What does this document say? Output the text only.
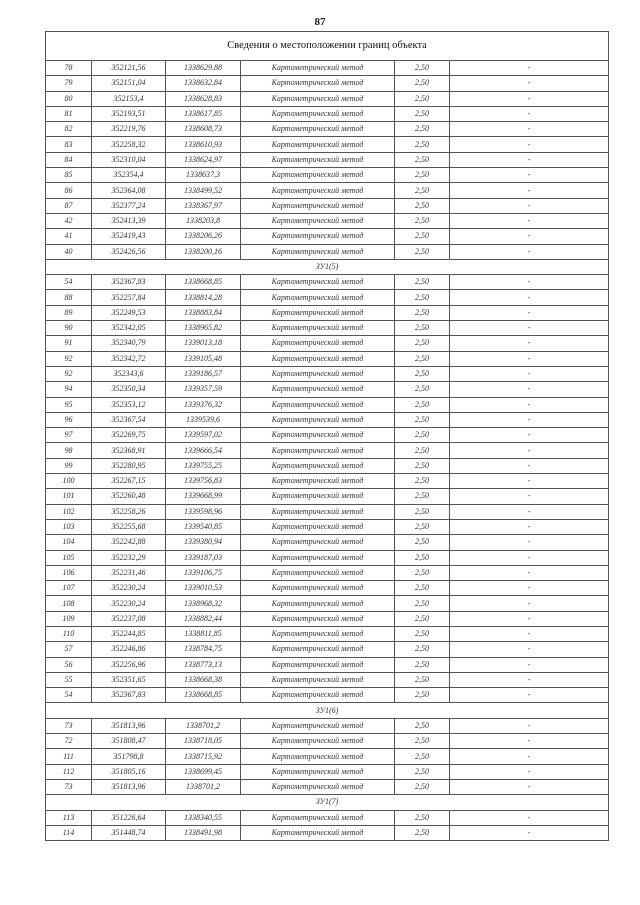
87
Сведения о местоположении границ объекта					
78	352121,56	1338629,88	Картометрический метод	2,50	-
79	352151,04	1338632,84	Картометрический метод	2,50	-
80	352153,4	1338628,83	Картометрический метод	2,50	-
81	352193,51	1338617,85	Картометрический метод	2,50	-
82	352219,76	1338608,73	Картометрический метод	2,50	-
83	352258,32	1338610,93	Картометрический метод	2,50	-
84	352310,04	1338624,97	Картометрический метод	2,50	-
85	352354,4	1338637,3	Картометрический метод	2,50	-
86	352364,08	1338499,52	Картометрический метод	2,50	-
87	352377,24	1338367,97	Картометрический метод	2,50	-
42	352413,39	1338203,8	Картометрический метод	2,50	-
41	352419,43	1338206,26	Картометрический метод	2,50	-
40	352426,56	1338200,16	Картометрический метод	2,50	-
ЗУ1(5)					
54	352367,83	1338668,85	Картометрический метод	2,50	-
88	352257,84	1338814,28	Картометрический метод	2,50	-
89	352249,53	1338883,84	Картометрический метод	2,50	-
90	352342,05	1338965,82	Картометрический метод	2,50	-
91	352340,79	1339013,18	Картометрический метод	2,50	-
92	352342,72	1339105,48	Картометрический метод	2,50	-
92	352343,6	1339186,57	Картометрический метод	2,50	-
94	352350,34	1339357,59	Картометрический метод	2,50	-
95	352353,12	1339376,32	Картометрический метод	2,50	-
96	352367,54	1339539,6	Картометрический метод	2,50	-
97	352269,75	1339597,02	Картометрический метод	2,50	-
98	352368,91	1339666,54	Картометрический метод	2,50	-
99	352280,95	1339755,25	Картометрический метод	2,50	-
100	352267,15	1339756,83	Картометрический метод	2,50	-
101	352260,48	1339668,99	Картометрический метод	2,50	-
102	352258,26	1339598,96	Картометрический метод	2,50	-
103	352255,68	1339540,85	Картометрический метод	2,50	-
104	352242,88	1339380,94	Картометрический метод	2,50	-
105	352232,29	1339187,03	Картометрический метод	2,50	-
106	352231,46	1339106,75	Картометрический метод	2,50	-
107	352230,24	1339010,53	Картометрический метод	2,50	-
108	352230,24	1338968,32	Картометрический метод	2,50	-
109	352237,08	1338882,44	Картометрический метод	2,50	-
110	352244,85	1338811,85	Картометрический метод	2,50	-
57	352246,86	1338784,75	Картометрический метод	2,50	-
56	352256,96	1338773,13	Картометрический метод	2,50	-
55	352351,65	1338668,38	Картометрический метод	2,50	-
54	352367,83	1338668,85	Картометрический метод	2,50	-
ЗУ1(6)					
73	351813,96	1338701,2	Картометрический метод	2,50	-
72	351808,47	1338718,05	Картометрический метод	2,50	-
111	351798,8	1338715,92	Картометрический метод	2,50	-
112	351805,16	1338699,45	Картометрический метод	2,50	-
73	351813,96	1338701,2	Картометрический метод	2,50	-
ЗУ1(7)					
113	351226,64	1338340,55	Картометрический метод	2,50	-
114	351448,74	1338491,98	Картометрический метод	2,50	-
